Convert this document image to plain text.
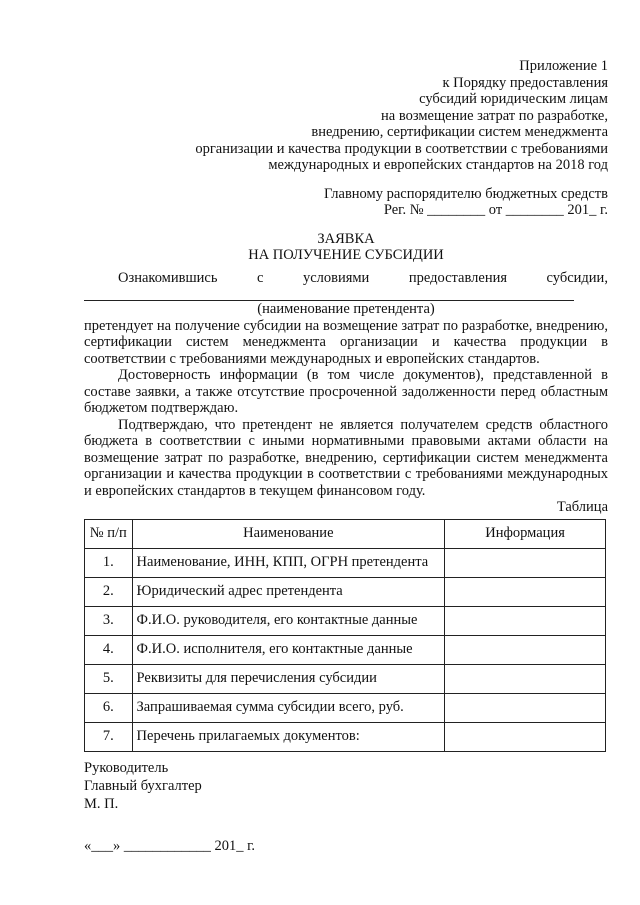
Приложение 1
к Порядку предоставления
субсидий юридическим лицам
на возмещение затрат по разработке,
внедрению, сертификации систем менеджмента
организации и качества продукции в соответствии с требованиями
международных и европейских стандартов на 2018 год
Главному распорядителю бюджетных средств
Рег. № ________ от ________ 201_ г.
ЗАЯВКА
НА ПОЛУЧЕНИЕ СУБСИДИИ
Ознакомившись	с	условиями	предоставления	субсидии,
(наименование претендента)

претендует на получение субсидии на возмещение затрат по разработке, внедрению, сертификации систем менеджмента организации и качества продукции в соответствии с требованиями международных и европейских стандартов.

Достоверность информации (в том числе документов), представленной в составе заявки, а также отсутствие просроченной задолженности перед областным бюджетом подтверждаю.

Подтверждаю, что претендент не является получателем средств областного бюджета в соответствии с иными нормативными правовыми актами области на возмещение затрат по разработке, внедрению, сертификации систем менеджмента организации и качества продукции в соответствии с требованиями международных и европейских стандартов в текущем финансовом году.

Таблица
№ п/п	Наименование	Информация
1.	Наименование, ИНН, КПП, ОГРН претендента	
2.	Юридический адрес претендента	
3.	Ф.И.О. руководителя, его контактные данные	
4.	Ф.И.О. исполнителя, его контактные данные	
5.	Реквизиты для перечисления субсидии	
6.	Запрашиваемая сумма субсидии всего, руб.	
7.	Перечень прилагаемых документов:	
Руководитель
Главный бухгалтер
М. П.
«___» ____________ 201_ г.
